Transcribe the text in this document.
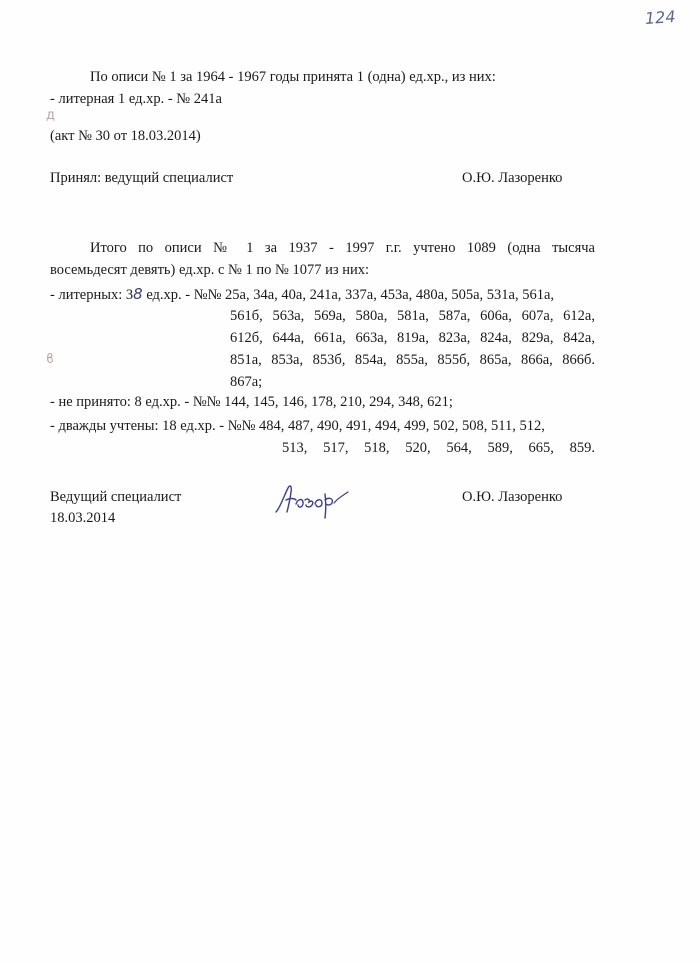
124
д
По описи № 1 за 1964 - 1967 годы принята 1 (одна) ед.хр., из них:
- литерная 1 ед.хр. - № 241а
(акт № 30 от 18.03.2014)
Принял: ведущий специалист	О.Ю. Лазоренко
Итого по описи № 1 за 1937 - 1997 г.г. учтено 1089 (одна тысяча
восемьдесят девять) ед.хр. с № 1 по № 1077 из них:
- литерных: 38 ед.хр. - №№ 25а, 34а, 40а, 241а, 337а, 453а, 480а, 505а, 531а, 561а,
561б, 563а, 569а, 580а, 581а, 587а, 606а, 607а, 612а,
612б, 644а, 661а, 663а, 819а, 823а, 824а, 829а, 842а,
851а, 853а, 853б, 854а, 855а, 855б, 865а, 866а, 866б.
867а;
ϐ
- не принято: 8 ед.хр. - №№ 144, 145, 146, 178, 210, 294, 348, 621;
- дважды учтены: 18 ед.хр. - №№ 484, 487, 490, 491, 494, 499, 502, 508, 511, 512,
513, 517, 518, 520, 564, 589, 665, 859.
Ведущий специалист
18.03.2014
О.Ю. Лазоренко
